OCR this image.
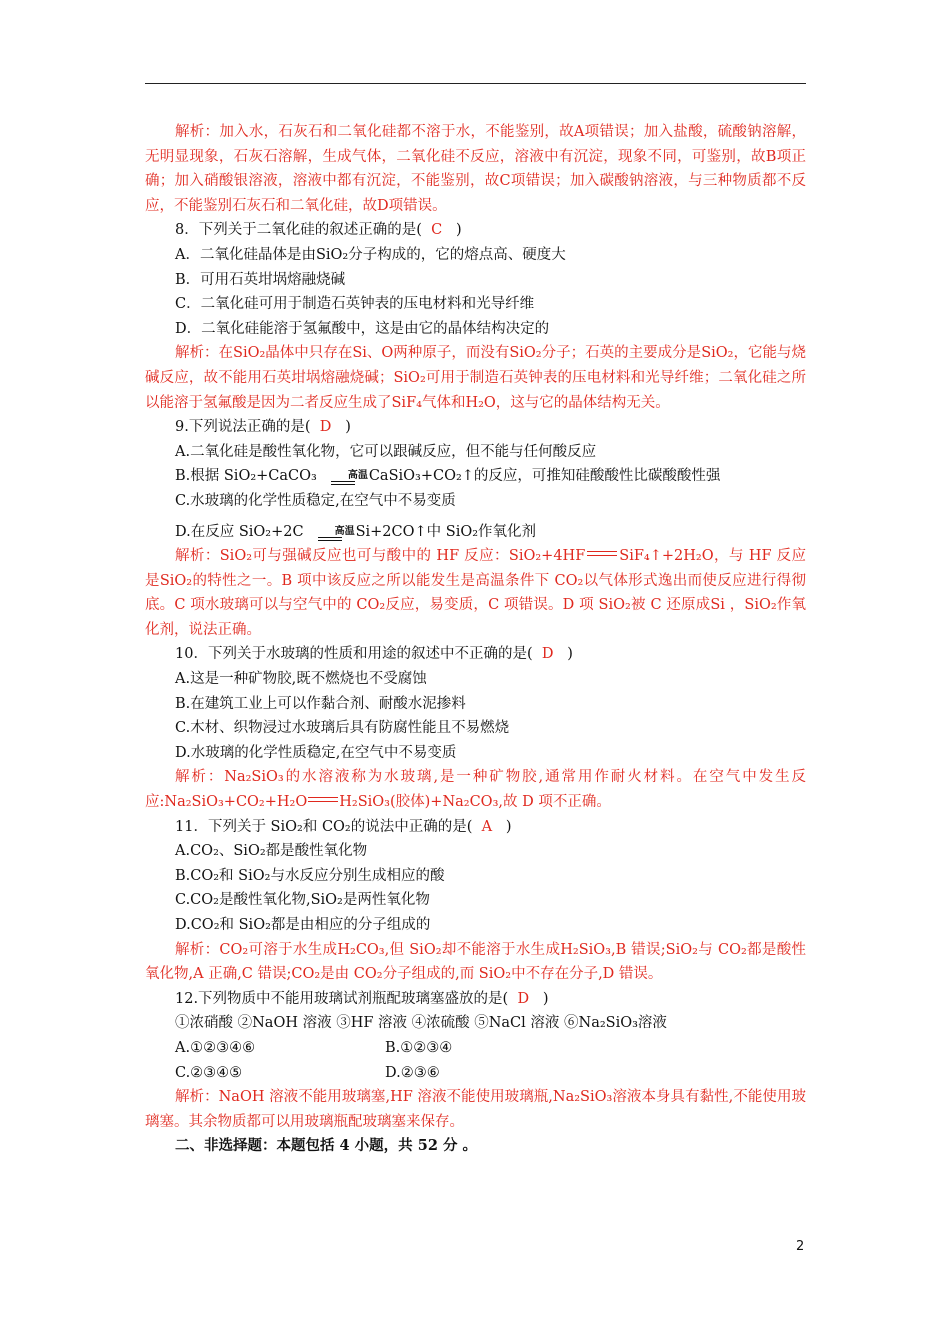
解析：加入水，石灰石和二氧化硅都不溶于水，不能鉴别，故A项错误；加入盐酸，硫酸钠溶解，无明显现象，石灰石溶解，生成气体，二氧化硅不反应，溶液中有沉淀，现象不同，可鉴别，故B项正确；加入硝酸银溶液，溶液中都有沉淀，不能鉴别，故C项错误；加入碳酸钠溶液，与三种物质都不反应，不能鉴别石灰石和二氧化硅，故D项错误。

8．下列关于二氧化硅的叙述正确的是( C )

A．二氧化硅晶体是由SiO₂分子构成的，它的熔点高、硬度大

B．可用石英坩埚熔融烧碱

C．二氧化硅可用于制造石英钟表的压电材料和光导纤维

D．二氧化硅能溶于氢氟酸中，这是由它的晶体结构决定的

解析：在SiO₂晶体中只存在Si、O两种原子，而没有SiO₂分子；石英的主要成分是SiO₂，它能与烧碱反应，故不能用石英坩埚熔融烧碱；SiO₂可用于制造石英钟表的压电材料和光导纤维；二氧化硅之所以能溶于氢氟酸是因为二者反应生成了SiF₄气体和H₂O，这与它的晶体结构无关。

9.下列说法正确的是( D )

A.二氧化硅是酸性氧化物，它可以跟碱反应，但不能与任何酸反应

B.根据 SiO₂+CaCO₃	高温 CaSiO₃+CO₂↑的反应，可推知硅酸酸性比碳酸酸性强

C.水玻璃的化学性质稳定,在空气中不易变质

D.在反应 SiO₂+2C	高温 Si+2CO↑中 SiO₂作氧化剂

解析：SiO₂可与强碱反应也可与酸中的 HF 反应：SiO₂+4HF SiF₄↑+2H₂O，与 HF 反应是SiO₂的特性之一。B 项中该反应之所以能发生是高温条件下 CO₂以气体形式逸出而使反应进行得彻底。C 项水玻璃可以与空气中的 CO₂反应，易变质，C 项错误。D 项 SiO₂被 C 还原成Si ，SiO₂作氧化剂，说法正确。

10．下列关于水玻璃的性质和用途的叙述中不正确的是( D )

A.这是一种矿物胶,既不燃烧也不受腐蚀

B.在建筑工业上可以作黏合剂、耐酸水泥掺料

C.木材、织物浸过水玻璃后具有防腐性能且不易燃烧

D.水玻璃的化学性质稳定,在空气中不易变质

解析：Na₂SiO₃的水溶液称为水玻璃,是一种矿物胶,通常用作耐火材料。在空气中发生反应:Na₂SiO₃+CO₂+H₂O H₂SiO₃(胶体)+Na₂CO₃,故 D 项不正确。

11．下列关于 SiO₂和 CO₂的说法中正确的是( A )

A.CO₂、SiO₂都是酸性氧化物

B.CO₂和 SiO₂与水反应分别生成相应的酸

C.CO₂是酸性氧化物,SiO₂是两性氧化物

D.CO₂和 SiO₂都是由相应的分子组成的

解析：CO₂可溶于水生成H₂CO₃,但 SiO₂却不能溶于水生成H₂SiO₃,B 错误;SiO₂与 CO₂都是酸性氧化物,A 正确,C 错误;CO₂是由 CO₂分子组成的,而 SiO₂中不存在分子,D 错误。

12.下列物质中不能用玻璃试剂瓶配玻璃塞盛放的是( D )

①浓硝酸 ②NaOH 溶液 ③HF 溶液 ④浓硫酸 ⑤NaCl 溶液 ⑥Na₂SiO₃溶液

A.①②③④⑥	B.①②③④

C.②③④⑤	D.②③⑥

解析：NaOH 溶液不能用玻璃塞,HF 溶液不能使用玻璃瓶,Na₂SiO₃溶液本身具有黏性,不能使用玻璃塞。其余物质都可以用玻璃瓶配玻璃塞来保存。

二、非选择题：本题包括 4 小题，共 52 分 。

2
